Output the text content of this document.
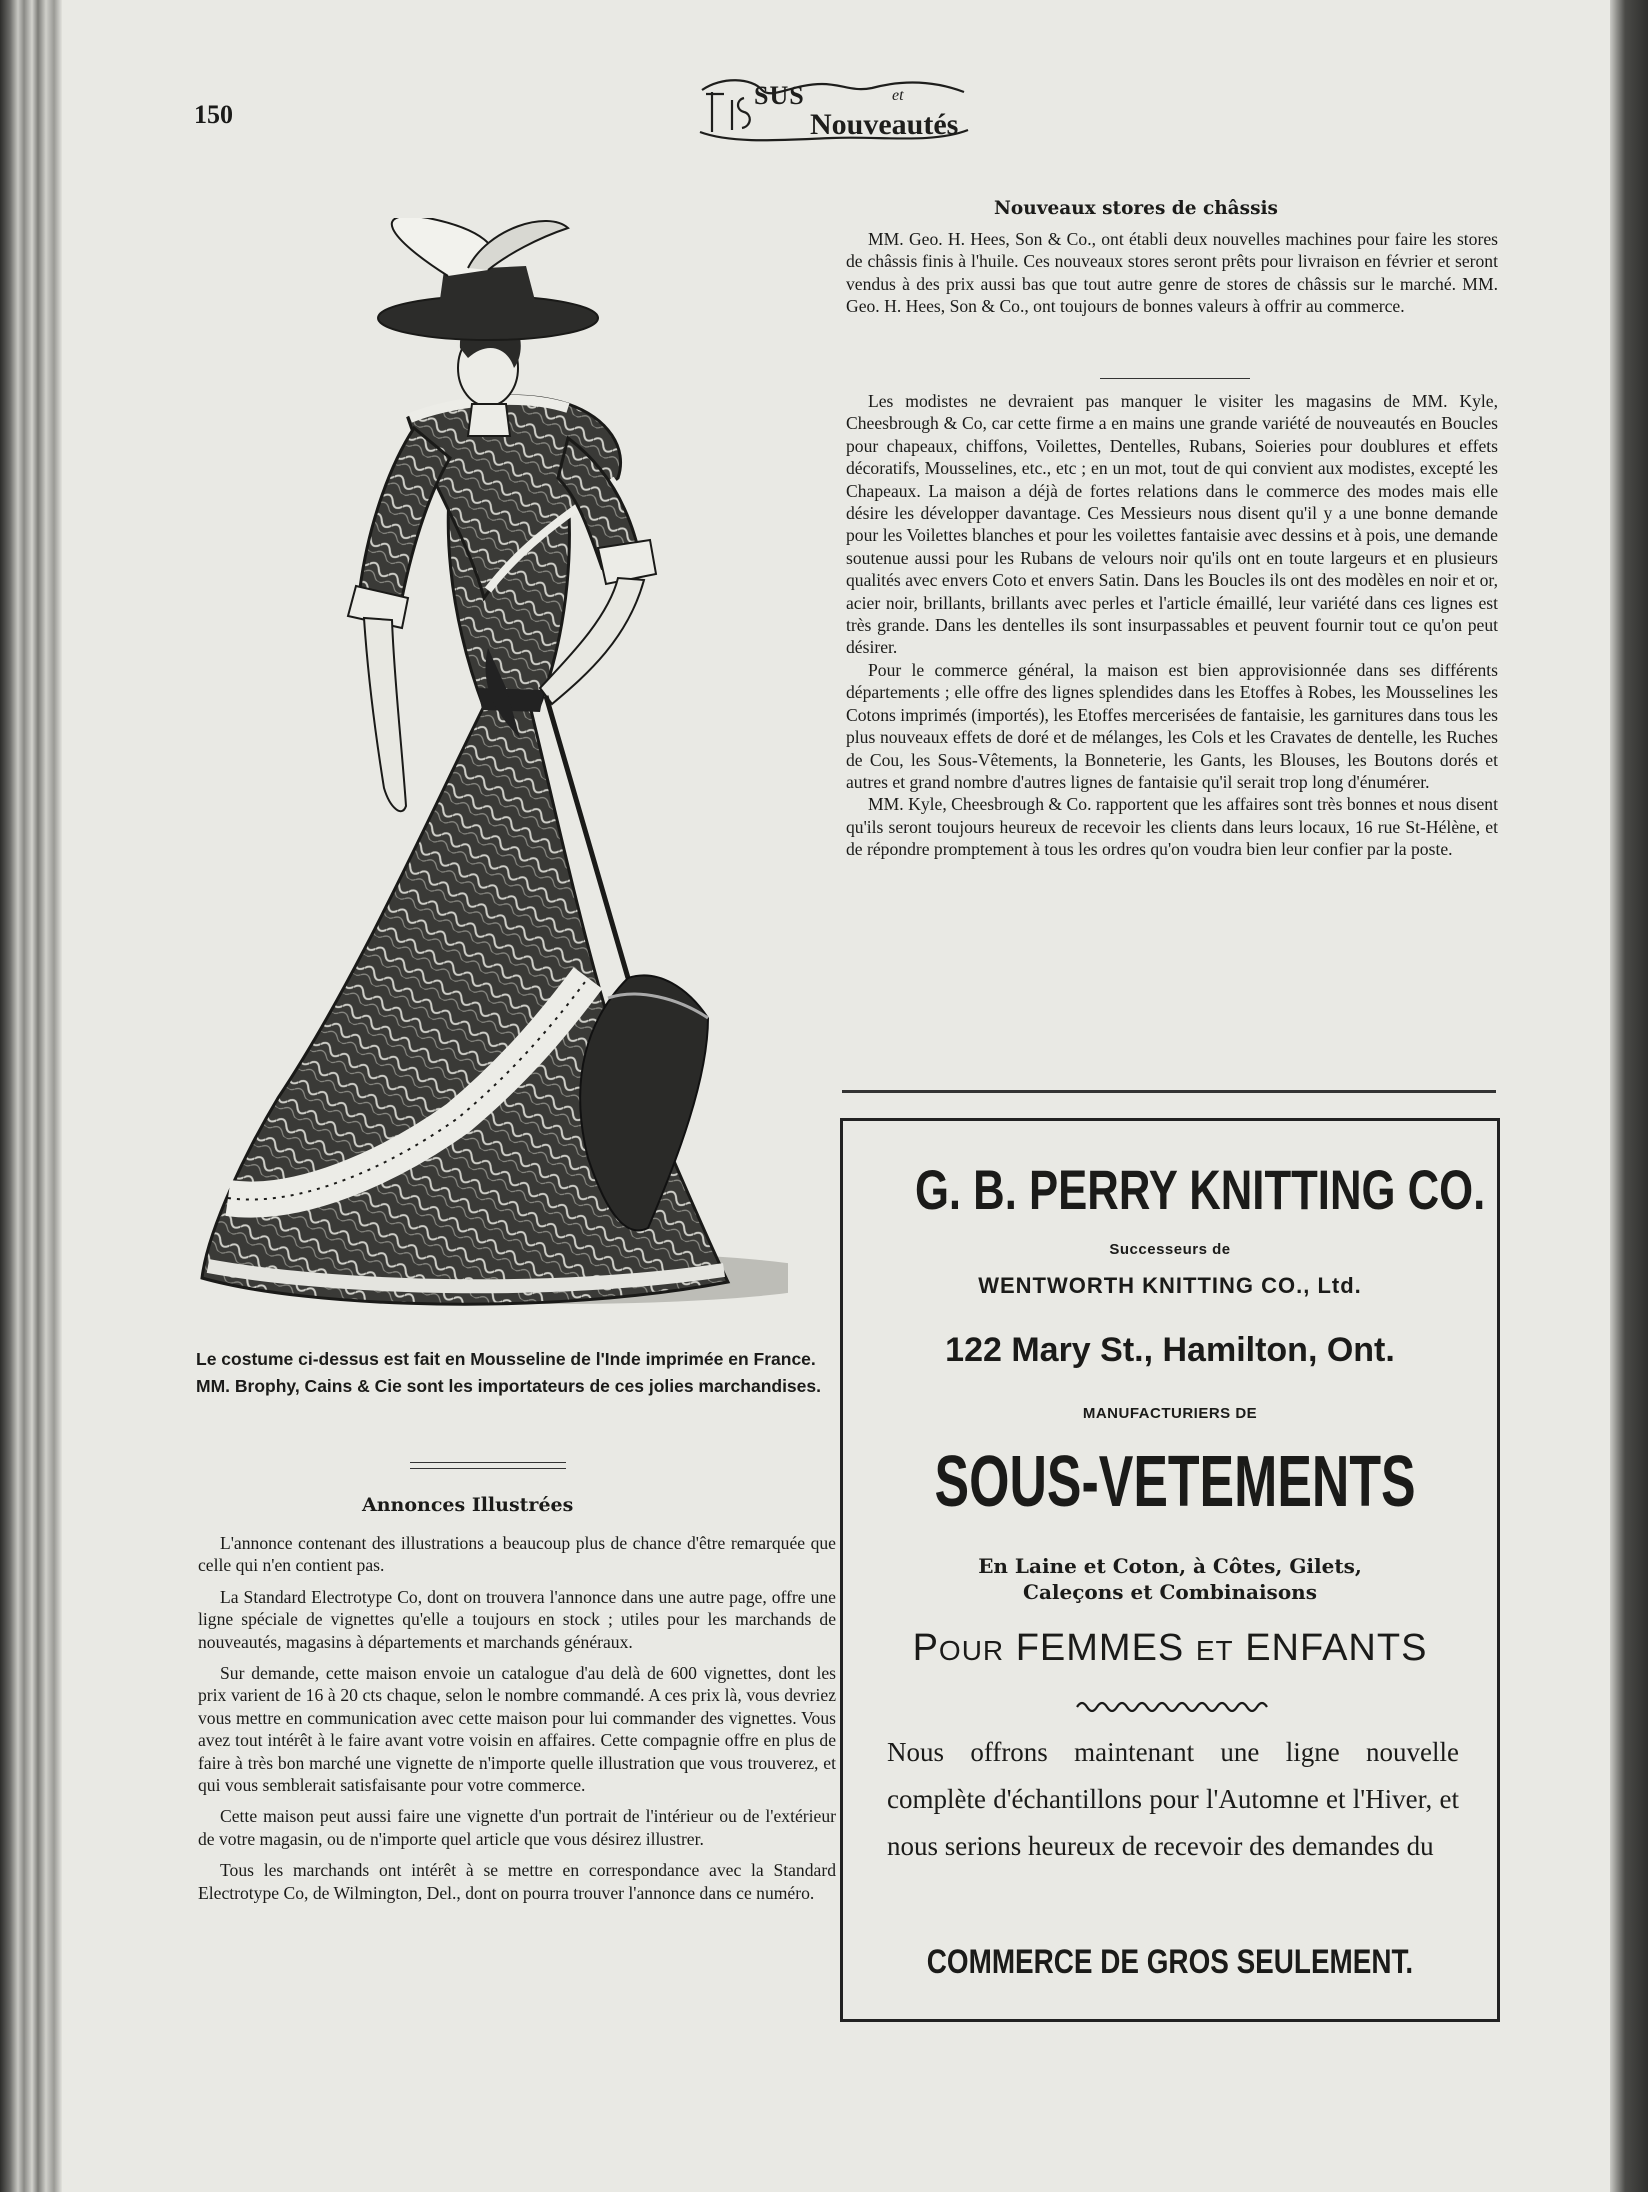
150
SUS
Nouveautés
et
Le costume ci-dessus est fait en Mousseline de l'Inde imprimée en France. MM. Brophy, Cains & Cie sont les importateurs de ces jolies marchandises.
Annonces Illustrées

L'annonce contenant des illustrations a beaucoup plus de chance d'être remarquée que celle qui n'en contient pas.

La Standard Electrotype Co, dont on trouvera l'annonce dans une autre page, offre une ligne spéciale de vignettes qu'elle a toujours en stock ; utiles pour les marchands de nouveautés, magasins à départements et marchands généraux.

Sur demande, cette maison envoie un catalogue d'au delà de 600 vignettes, dont les prix varient de 16 à 20 cts chaque, selon le nombre commandé. A ces prix là, vous devriez vous mettre en communication avec cette maison pour lui commander des vignettes. Vous avez tout intérêt à le faire avant votre voisin en affaires. Cette compagnie offre en plus de faire à très bon marché une vignette de n'importe quelle illustration que vous trouverez, et qui vous semblerait satisfaisante pour votre commerce.

Cette maison peut aussi faire une vignette d'un portrait de l'intérieur ou de l'extérieur de votre magasin, ou de n'importe quel article que vous désirez illustrer.

Tous les marchands ont intérêt à se mettre en correspondance avec la Standard Electrotype Co, de Wilmington, Del., dont on pourra trouver l'annonce dans ce numéro.

Nouveaux stores de châssis

MM. Geo. H. Hees, Son & Co., ont établi deux nouvelles machines pour faire les stores de châssis finis à l'huile. Ces nouveaux stores seront prêts pour livraison en février et seront vendus à des prix aussi bas que tout autre genre de stores de châssis sur le marché. MM. Geo. H. Hees, Son & Co., ont toujours de bonnes valeurs à offrir au commerce.

Les modistes ne devraient pas manquer le visiter les magasins de MM. Kyle, Cheesbrough & Co, car cette firme a en mains une grande variété de nouveautés en Boucles pour chapeaux, chiffons, Voilettes, Dentelles, Rubans, Soieries pour doublures et effets décoratifs, Mousselines, etc., etc ; en un mot, tout de qui convient aux modistes, excepté les Chapeaux. La maison a déjà de fortes relations dans le commerce des modes mais elle désire les développer davantage. Ces Messieurs nous disent qu'il y a une bonne demande pour les Voilettes blanches et pour les voilettes fantaisie avec dessins et à pois, une demande soutenue aussi pour les Rubans de velours noir qu'ils ont en toute largeurs et en plusieurs qualités avec envers Coto et envers Satin. Dans les Boucles ils ont des modèles en noir et or, acier noir, brillants, brillants avec perles et l'article émaillé, leur variété dans ces lignes est très grande. Dans les dentelles ils sont insurpassables et peuvent fournir tout ce qu'on peut désirer.

Pour le commerce général, la maison est bien approvisionnée dans ses différents départements ; elle offre des lignes splendides dans les Etoffes à Robes, les Mousselines les Cotons imprimés (importés), les Etoffes mercerisées de fantaisie, les garnitures dans tous les plus nouveaux effets de doré et de mélanges, les Cols et les Cravates de dentelle, les Ruches de Cou, les Sous-Vêtements, la Bonneterie, les Gants, les Blouses, les Boutons dorés et autres et grand nombre d'autres lignes de fantaisie qu'il serait trop long d'énumérer.

MM. Kyle, Cheesbrough & Co. rapportent que les affaires sont très bonnes et nous disent qu'ils seront toujours heureux de recevoir les clients dans leurs locaux, 16 rue St-Hélène, et de répondre promptement à tous les ordres qu'on voudra bien leur confier par la poste.

G. B. PERRY KNITTING CO.
Successeurs de
WENTWORTH KNITTING CO., Ltd.
122 Mary St., Hamilton, Ont.
MANUFACTURIERS DE
SOUS-VETEMENTS
En Laine et Coton, à Côtes, Gilets,
Caleçons et Combinaisons
POUR FEMMES ET ENFANTS
Nous offrons maintenant une ligne nouvelle complète d'échantillons pour l'Automne et l'Hiver, et nous serions heureux de recevoir des demandes du
COMMERCE DE GROS SEULEMENT.
